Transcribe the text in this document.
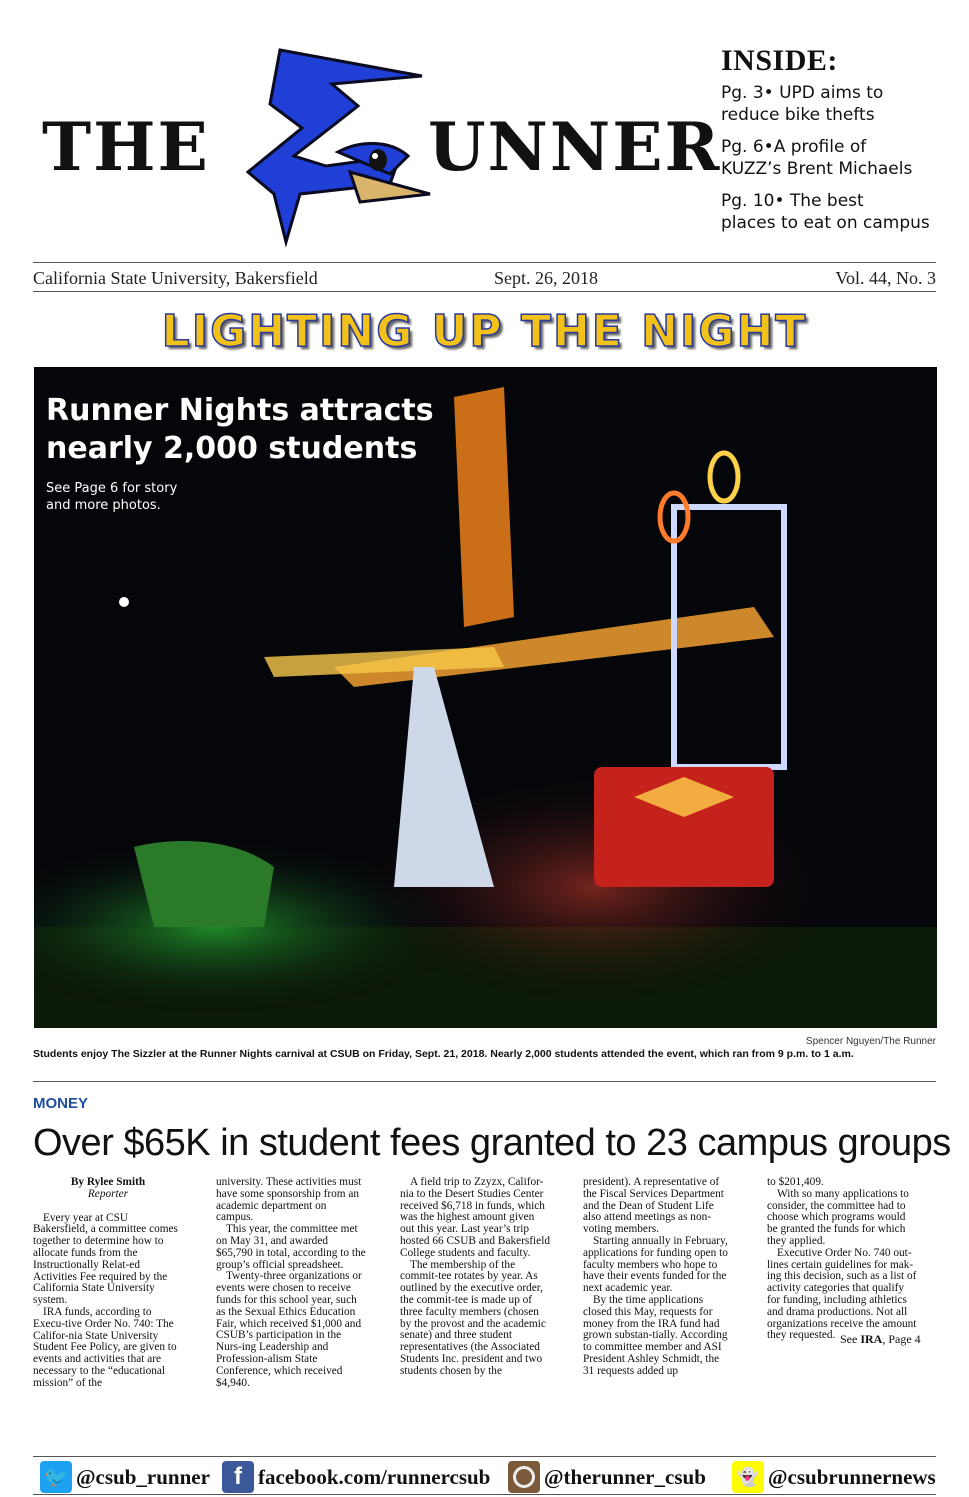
THE	UNNER
INSIDE:
Pg. 3• UPD aims to
reduce bike thefts
Pg. 6•A profile of
KUZZ’s Brent Michaels
Pg. 10• The best
places to eat on campus
California State University, Bakersfield	Sept. 26, 2018	Vol. 44, No. 3
LIGHTING UP THE NIGHT
Runner Nights attracts
nearly 2,000 students
See Page 6 for story
and more photos.
Spencer Nguyen/The Runner
Students enjoy The Sizzler at the Runner Nights carnival at CSUB on Friday, Sept. 21, 2018. Nearly 2,000 students attended the event, which ran from 9 p.m. to 1 a.m.
MONEY
Over $65K in student fees granted to 23 campus groups

By Rylee Smith

Reporter

Every year at CSU Bakersfield, a committee comes together to determine how to allocate funds from the Instructionally Relat-ed Activities Fee required by the California State University system.

IRA funds, according to Execu-tive Order No. 740: The Califor-nia State University Student Fee Policy, are given to events and activities that are necessary to the “educational mission” of the

university. These activities must have some sponsorship from an academic department on campus.

This year, the committee met on May 31, and awarded $65,790 in total, according to the group’s official spreadsheet.

Twenty-three organizations or events were chosen to receive funds for this school year, such as the Sexual Ethics Education Fair, which received $1,000 and CSUB’s participation in the Nurs-ing Leadership and Profession-alism State Conference, which received $4,940.

A field trip to Zzyzx, Califor-nia to the Desert Studies Center received $6,718 in funds, which was the highest amount given out this year. Last year’s trip hosted 66 CSUB and Bakersfield College students and faculty.

The membership of the commit-tee rotates by year. As outlined by the executive order, the commit-tee is made up of three faculty members (chosen by the provost and the academic senate) and three student representatives (the Associated Students Inc. president and two students chosen by the

president). A representative of the Fiscal Services Department and the Dean of Student Life also attend meetings as non-voting members.

Starting annually in February, applications for funding open to faculty members who hope to have their events funded for the next academic year.

By the time applications closed this May, requests for money from the IRA fund had grown substan-tially. According to committee member and ASI President Ashley Schmidt, the 31 requests added up

to $201,409.

With so many applications to consider, the committee had to choose which programs would be granted the funds for which they applied.

Executive Order No. 740 out-lines certain guidelines for mak-ing this decision, such as a list of activity categories that qualify for funding, including athletics and drama productions. Not all organizations receive the amount they requested. See IRA, Page 4
🐦 @csub_runner	f facebook.com/runnercsub	@therunner_csub 👻 @csubrunnernews
